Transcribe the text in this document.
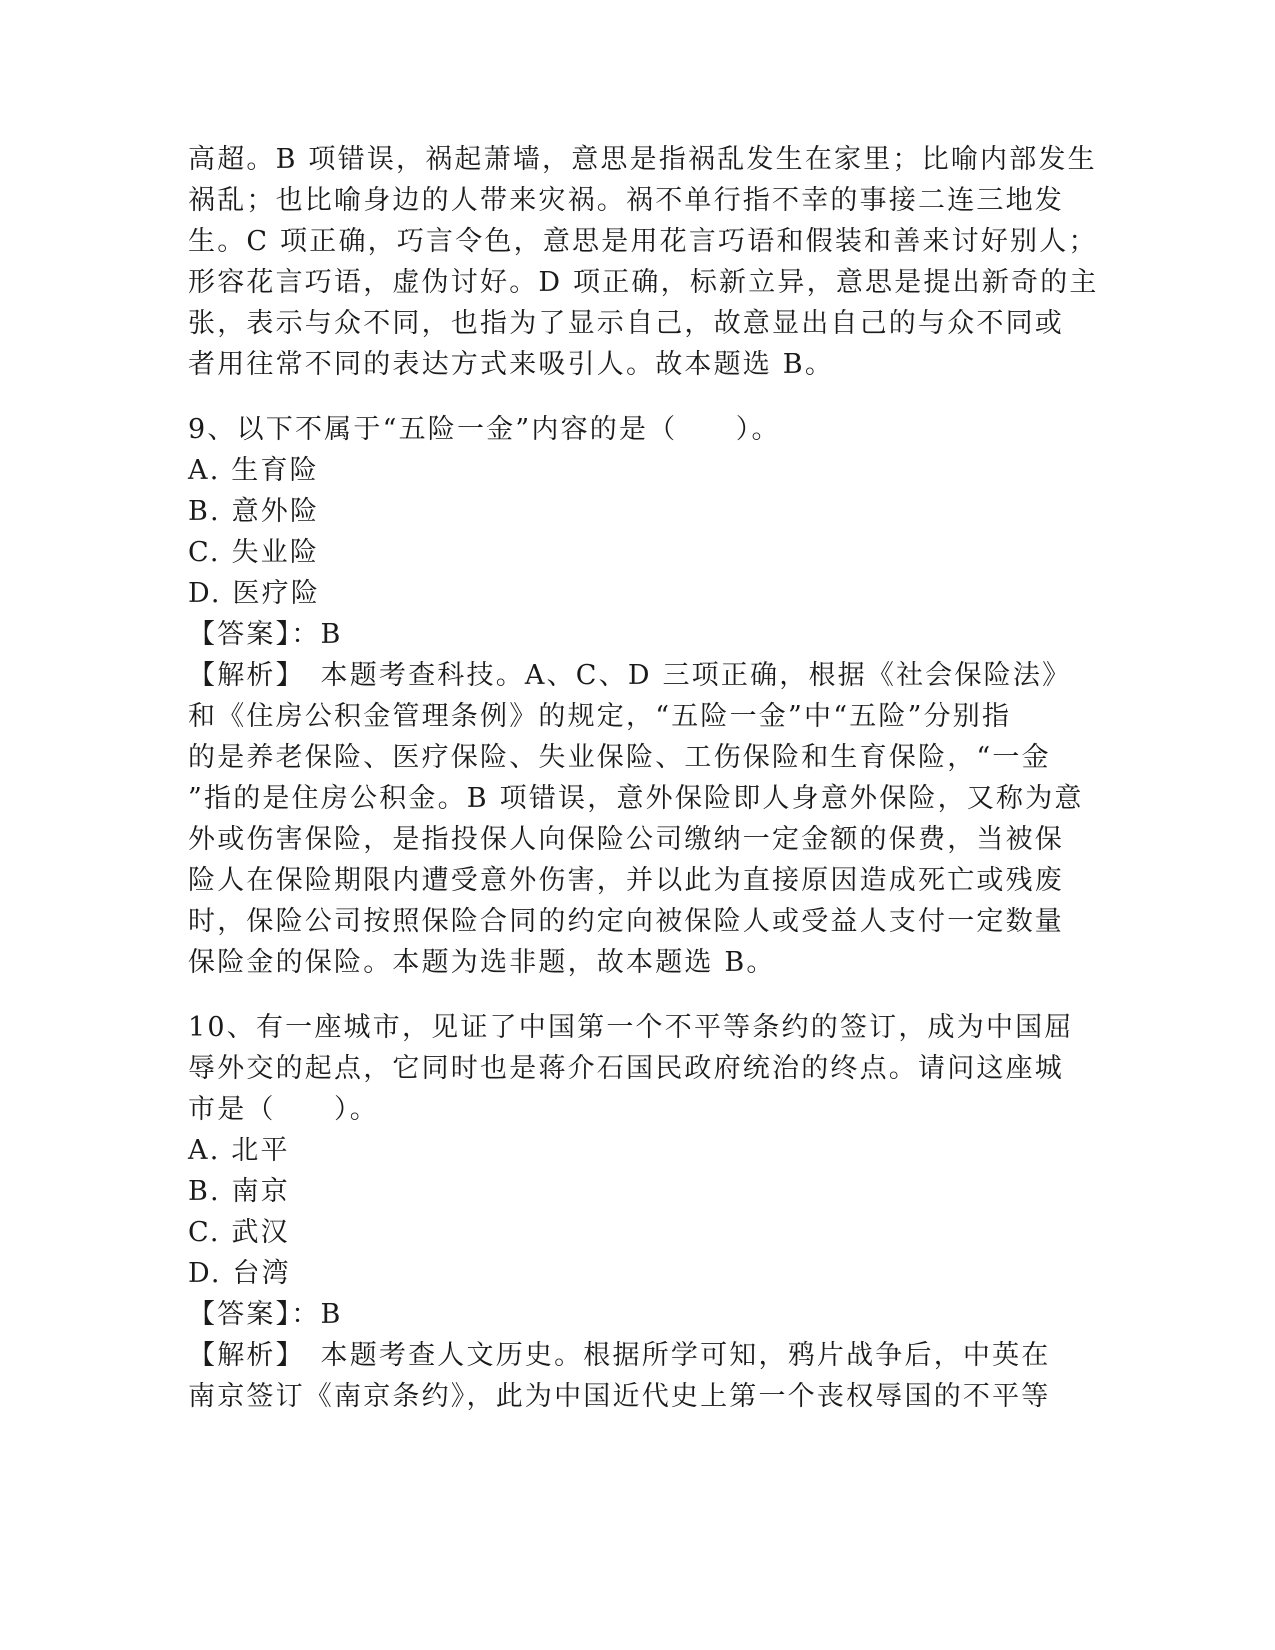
高超。B 项错误，祸起萧墙，意思是指祸乱发生在家里；比喻内部发生
祸乱；也比喻身边的人带来灾祸。祸不单行指不幸的事接二连三地发
生。C 项正确，巧言令色，意思是用花言巧语和假装和善来讨好别人；
形容花言巧语，虚伪讨好。D 项正确，标新立异，意思是提出新奇的主
张，表示与众不同，也指为了显示自己，故意显出自己的与众不同或
者用往常不同的表达方式来吸引人。故本题选 B。
9、以下不属于“五险一金”内容的是（　　）。
A. 生育险
B. 意外险
C. 失业险
D. 医疗险
【答案】：B
【解析】　本题考查科技。A、C、D 三项正确，根据《社会保险法》
和《住房公积金管理条例》的规定，“五险一金”中“五险”分别指
的是养老保险、医疗保险、失业保险、工伤保险和生育保险，“一金
”指的是住房公积金。B 项错误，意外保险即人身意外保险，又称为意
外或伤害保险，是指投保人向保险公司缴纳一定金额的保费，当被保
险人在保险期限内遭受意外伤害，并以此为直接原因造成死亡或残废
时，保险公司按照保险合同的约定向被保险人或受益人支付一定数量
保险金的保险。本题为选非题，故本题选 B。
10、有一座城市，见证了中国第一个不平等条约的签订，成为中国屈
辱外交的起点，它同时也是蒋介石国民政府统治的终点。请问这座城
市是（　　）。
A. 北平
B. 南京
C. 武汉
D. 台湾
【答案】：B
【解析】　本题考查人文历史。根据所学可知，鸦片战争后，中英在
南京签订《南京条约》，此为中国近代史上第一个丧权辱国的不平等
